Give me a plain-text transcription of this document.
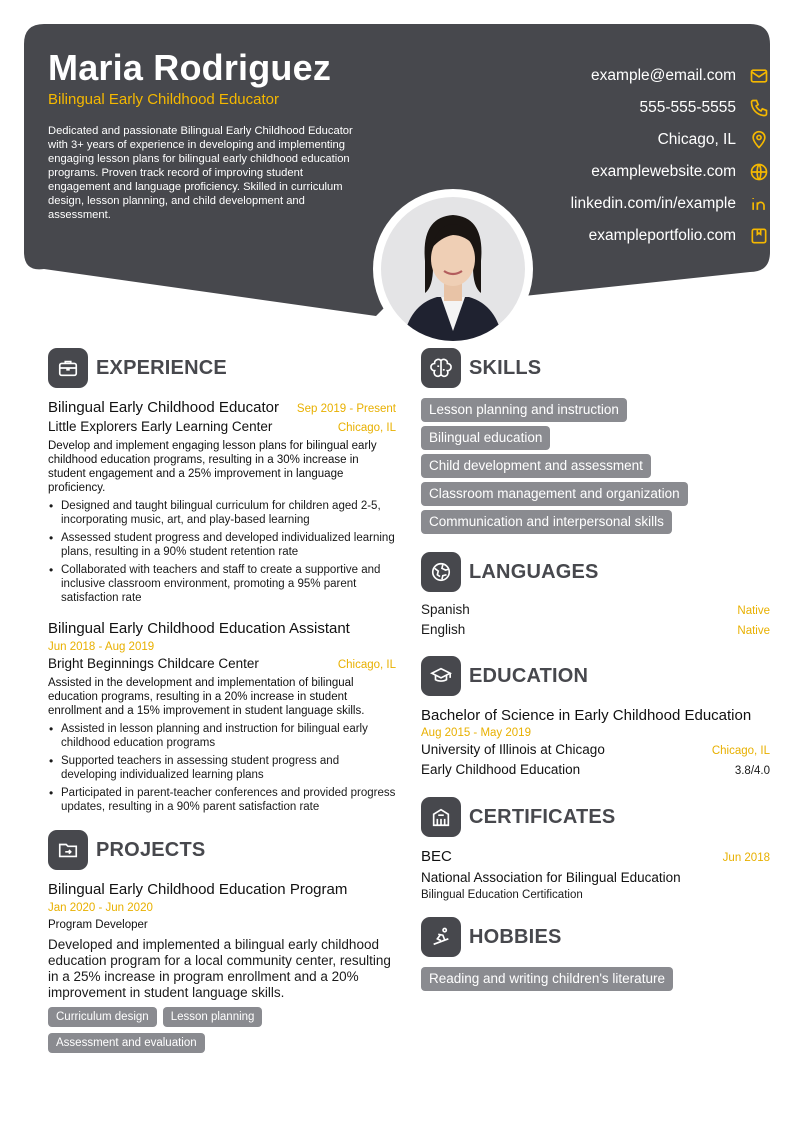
Maria Rodriguez
Bilingual Early Childhood Educator
Dedicated and passionate Bilingual Early Childhood Educator with 3+ years of experience in developing and implementing engaging lesson plans for bilingual early childhood education programs. Proven track record of improving student engagement and language proficiency. Skilled in curriculum design, lesson planning, and child development and assessment.
example@email.com
555-555-5555
Chicago, IL
examplewebsite.com
linkedin.com/in/example
exampleportfolio.com
EXPERIENCE
Bilingual Early Childhood Educator Sep 2019 - Present
Little Explorers Early Learning Center	Chicago, IL
Develop and implement engaging lesson plans for bilingual early childhood education programs, resulting in a 30% increase in student engagement and a 25% improvement in language proficiency.
• Designed and taught bilingual curriculum for children aged 2-5, incorporating music, art, and play-based learning
• Assessed student progress and developed individualized learning plans, resulting in a 90% student retention rate
• Collaborated with teachers and staff to create a supportive and inclusive classroom environment, promoting a 95% parent satisfaction rate
Bilingual Early Childhood Education Assistant
Jun 2018 - Aug 2019
Bright Beginnings Childcare Center	Chicago, IL
Assisted in the development and implementation of bilingual education programs, resulting in a 20% increase in student enrollment and a 15% improvement in student language skills.
• Assisted in lesson planning and instruction for bilingual early childhood education programs
• Supported teachers in assessing student progress and developing individualized learning plans
• Participated in parent-teacher conferences and provided progress updates, resulting in a 90% parent satisfaction rate
PROJECTS
Bilingual Early Childhood Education Program
Jan 2020 - Jun 2020
Program Developer
Developed and implemented a bilingual early childhood education program for a local community center, resulting in a 25% increase in program enrollment and a 20% improvement in student language skills.
Curriculum design Lesson planning
Assessment and evaluation
SKILLS
Lesson planning and instruction
Bilingual education
Child development and assessment
Classroom management and organization
Communication and interpersonal skills
LANGUAGES
Spanish	Native
English	Native
EDUCATION
Bachelor of Science in Early Childhood Education
Aug 2015 - May 2019
University of Illinois at Chicago	Chicago, IL
Early Childhood Education	3.8/4.0
CERTIFICATES
BEC	Jun 2018
National Association for Bilingual Education
Bilingual Education Certification
HOBBIES
Reading and writing children's literature
